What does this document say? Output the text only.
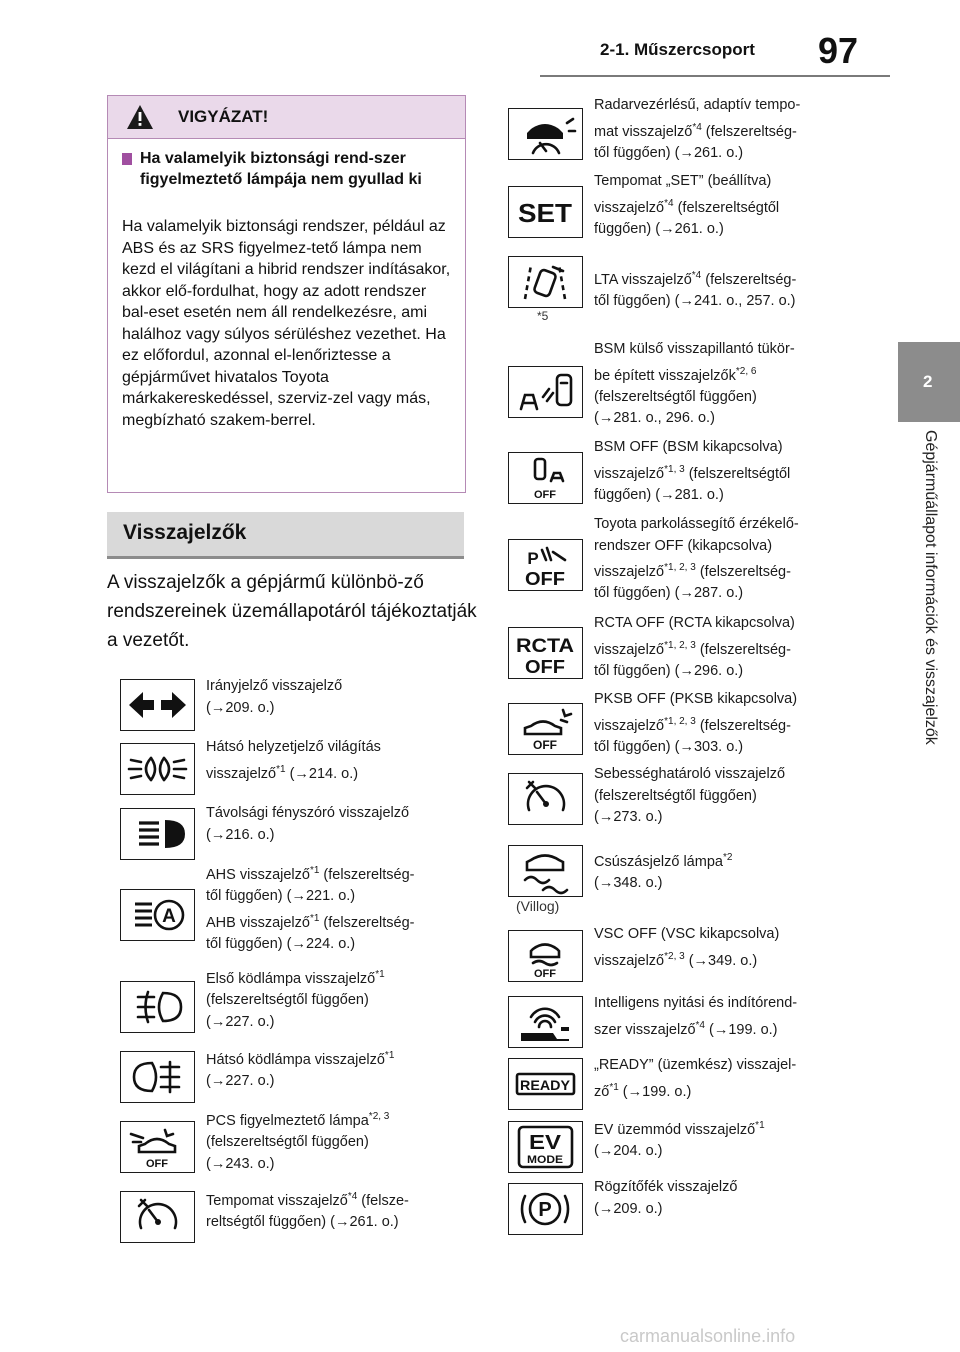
2-1. Műszercsoport 97
2
Gépjárműállapot információk és visszajelzők
VIGYÁZAT!
Ha valamelyik biztonsági rend-szer figyelmeztető lámpája nem gyullad ki
Ha valamelyik biztonsági rendszer, például az ABS és az SRS figyelmez-tető lámpa nem kezd el világítani a hibrid rendszer indításakor, akkor elő-fordulhat, hogy az adott rendszer bal-eset esetén nem áll rendelkezésre, ami halálhoz vagy súlyos sérüléshez vezethet. Ha ez előfordul, azonnal el-lenőriztesse a gépjárművet hivatalos Toyota márkakereskedéssel, szerviz-zel vagy más, megbízható szakem-berrel.
Visszajelzők
A visszajelzők a gépjármű különbö-ző rendszereinek üzemállapotáról tájékoztatják a vezetőt.
Irányjelző visszajelző
(→209. o.)
Hátsó helyzetjelző világítás
visszajelző$^{*1}$ (→214. o.)
Távolsági fényszóró visszajelző
(→216. o.)
A
AHS visszajelző$^{*1}$ (felszereltség-
től függően) (→221. o.)
AHB visszajelző$^{*1}$ (felszereltség-
től függően) (→224. o.)
Első ködlámpa visszajelző$^{*1}$
(felszereltségtől függően)
(→227. o.)
Hátsó ködlámpa visszajelző$^{*1}$
(→227. o.)
OFF
PCS figyelmeztető lámpa$^{*2, 3}$
(felszereltségtől függően)
(→243. o.)
Tempomat visszajelző$^{*4}$ (felsze-
reltségtől függően) (→261. o.)
Radarvezérlésű, adaptív tempo-
mat visszajelző$^{*4}$ (felszereltség-
től függően) (→261. o.)
SET
Tempomat „SET” (beállítva)
visszajelző$^{*4}$ (felszereltségtől
függően) (→261. o.)
*5
LTA visszajelző$^{*4}$ (felszereltség-
től függően) (→241. o., 257. o.)
BSM külső visszapillantó tükör-
be épített visszajelzők$^{*2, 6}$
(felszereltségtől függően)
(→281. o., 296. o.)
OFF
BSM OFF (BSM kikapcsolva)
visszajelző$^{*1, 3}$ (felszereltségtől
függően) (→281. o.)
P
OFF
Toyota parkolássegítő érzékelő-
rendszer OFF (kikapcsolva)
visszajelző$^{*1, 2, 3}$ (felszereltség-
től függően) (→287. o.)
RCTA
OFF
RCTA OFF (RCTA kikapcsolva)
visszajelző$^{*1, 2, 3}$ (felszereltség-
től függően) (→296. o.)
OFF
PKSB OFF (PKSB kikapcsolva)
visszajelző$^{*1, 2, 3}$ (felszereltség-
től függően) (→303. o.)
Sebességhatároló visszajelző
(felszereltségtől függően)
(→273. o.)
(Villog)
Csúszásjelző lámpa$^{*2}$
(→348. o.)
OFF
VSC OFF (VSC kikapcsolva)
visszajelző$^{*2, 3}$ (→349. o.)
Intelligens nyitási és indítórend-
szer visszajelző$^{*4}$ (→199. o.)
READY
„READY” (üzemkész) visszajel-
$ző^{*1}$ (→199. o.)
EV
MODE
EV üzemmód visszajelző$^{*1}$
(→204. o.)
P
Rögzítőfék visszajelző
(→209. o.)
carmanualsonline.info
